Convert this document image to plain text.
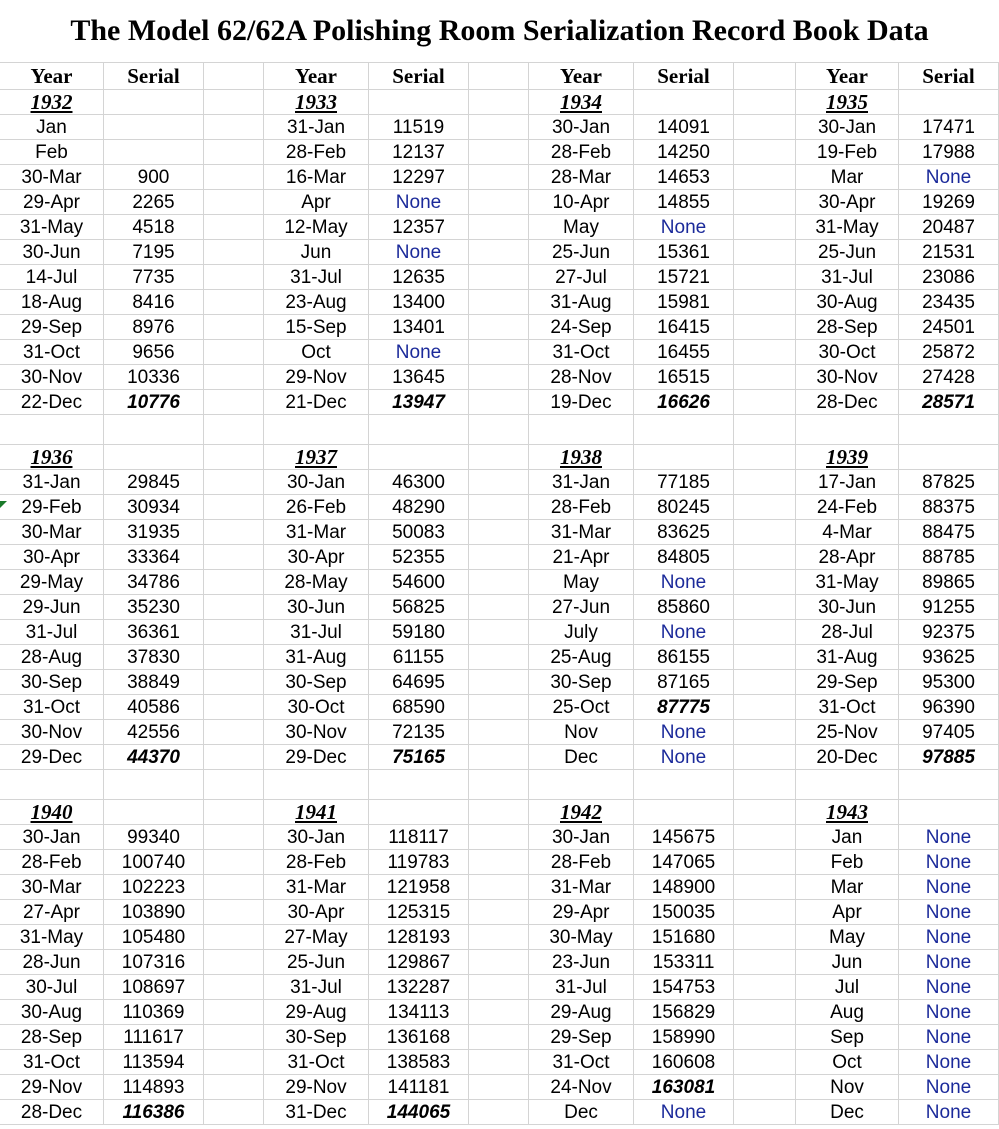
The Model 62/62A Polishing Room Serialization Record Book Data
Year	Serial	Year	Serial	Year	Serial	Year	Serial
1932
Jan
Feb
30-Mar	900
29-Apr	2265
31-May	4518
30-Jun	7195
14-Jul	7735
18-Aug	8416
29-Sep	8976
31-Oct	9656
30-Nov	10336
22-Dec	10776
1933
31-Jan	11519
28-Feb	12137
16-Mar	12297
Apr	None
12-May	12357
Jun	None
31-Jul	12635
23-Aug	13400
15-Sep	13401
Oct	None
29-Nov	13645
21-Dec	13947
1934
30-Jan	14091
28-Feb	14250
28-Mar	14653
10-Apr	14855
May	None
25-Jun	15361
27-Jul	15721
31-Aug	15981
24-Sep	16415
31-Oct	16455
28-Nov	16515
19-Dec	16626
1935
30-Jan	17471
19-Feb	17988
Mar	None
30-Apr	19269
31-May	20487
25-Jun	21531
31-Jul	23086
30-Aug	23435
28-Sep	24501
30-Oct	25872
30-Nov	27428
28-Dec	28571
1936
31-Jan	29845
29-Feb	30934
30-Mar	31935
30-Apr	33364
29-May	34786
29-Jun	35230
31-Jul	36361
28-Aug	37830
30-Sep	38849
31-Oct	40586
30-Nov	42556
29-Dec	44370
1937
30-Jan	46300
26-Feb	48290
31-Mar	50083
30-Apr	52355
28-May	54600
30-Jun	56825
31-Jul	59180
31-Aug	61155
30-Sep	64695
30-Oct	68590
30-Nov	72135
29-Dec	75165
1938
31-Jan	77185
28-Feb	80245
31-Mar	83625
21-Apr	84805
May	None
27-Jun	85860
July	None
25-Aug	86155
30-Sep	87165
25-Oct	87775
Nov	None
Dec	None
1939
17-Jan	87825
24-Feb	88375
4-Mar	88475
28-Apr	88785
31-May	89865
30-Jun	91255
28-Jul	92375
31-Aug	93625
29-Sep	95300
31-Oct	96390
25-Nov	97405
20-Dec	97885
1940
30-Jan	99340
28-Feb	100740
30-Mar	102223
27-Apr	103890
31-May	105480
28-Jun	107316
30-Jul	108697
30-Aug	110369
28-Sep	111617
31-Oct	113594
29-Nov	114893
28-Dec	116386
1941
30-Jan	118117
28-Feb	119783
31-Mar	121958
30-Apr	125315
27-May	128193
25-Jun	129867
31-Jul	132287
29-Aug	134113
30-Sep	136168
31-Oct	138583
29-Nov	141181
31-Dec	144065
1942
30-Jan	145675
28-Feb	147065
31-Mar	148900
29-Apr	150035
30-May	151680
23-Jun	153311
31-Jul	154753
29-Aug	156829
29-Sep	158990
31-Oct	160608
24-Nov	163081
Dec	None
1943
Jan	None
Feb	None
Mar	None
Apr	None
May	None
Jun	None
Jul	None
Aug	None
Sep	None
Oct	None
Nov	None
Dec	None
